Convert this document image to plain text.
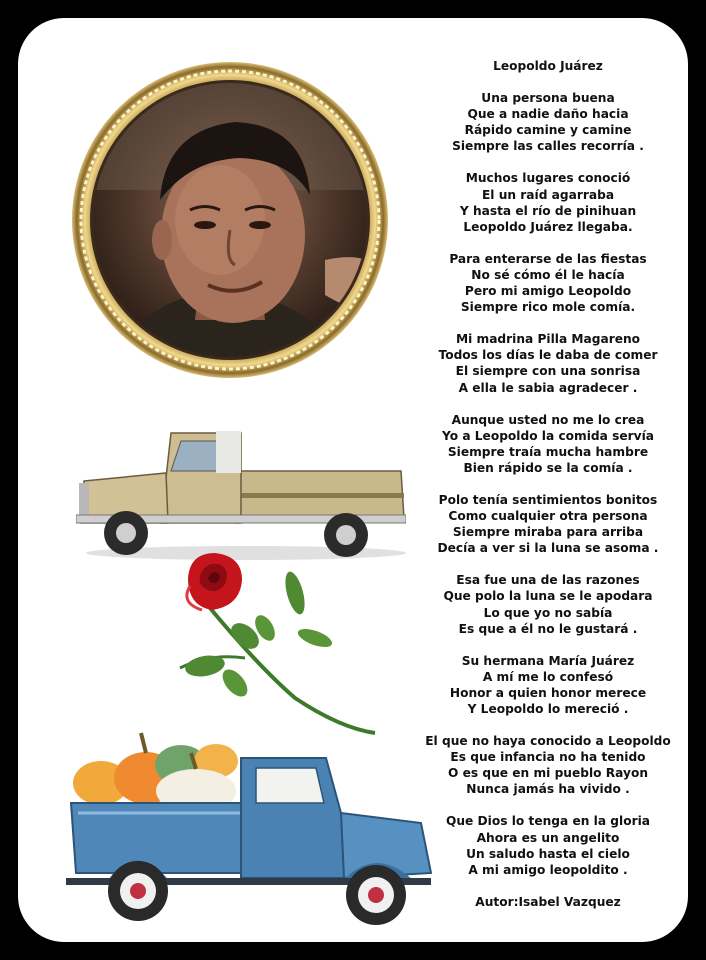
Leopoldo Juárez
Una persona buena
Que a nadie daño hacia
Rápido camine y camine
Siempre las calles recorría .
Muchos lugares conoció
El un raíd agarraba
Y hasta el río de pinihuan
Leopoldo Juárez llegaba.
Para enterarse de las fiestas
No sé cómo él le hacía
Pero mi amigo Leopoldo
Siempre rico mole comía.
Mi madrina Pilla Magareno
Todos los días le daba de comer
El siempre con una sonrisa
A ella le sabia agradecer .
Aunque usted no me lo crea
Yo a Leopoldo la comida servía
Siempre traía mucha hambre
Bien rápido se la comía .
Polo tenía sentimientos bonitos
Como cualquier otra persona
Siempre miraba para arriba
Decía a ver si la luna se asoma .
Esa fue una de las razones
Que polo la luna se le apodara
Lo que yo no sabía
Es que a él no le gustará .
Su hermana María Juárez
A mí me lo confesó
Honor a quien honor merece
Y Leopoldo lo mereció .
El que no haya conocido a Leopoldo
Es que infancia no ha tenido
O es que en mi pueblo Rayon
Nunca jamás ha vivido .
Que Dios lo tenga en la gloria
Ahora es un angelito
Un saludo hasta el cielo
A mi amigo leopoldito .
Autor:Isabel Vazquez
